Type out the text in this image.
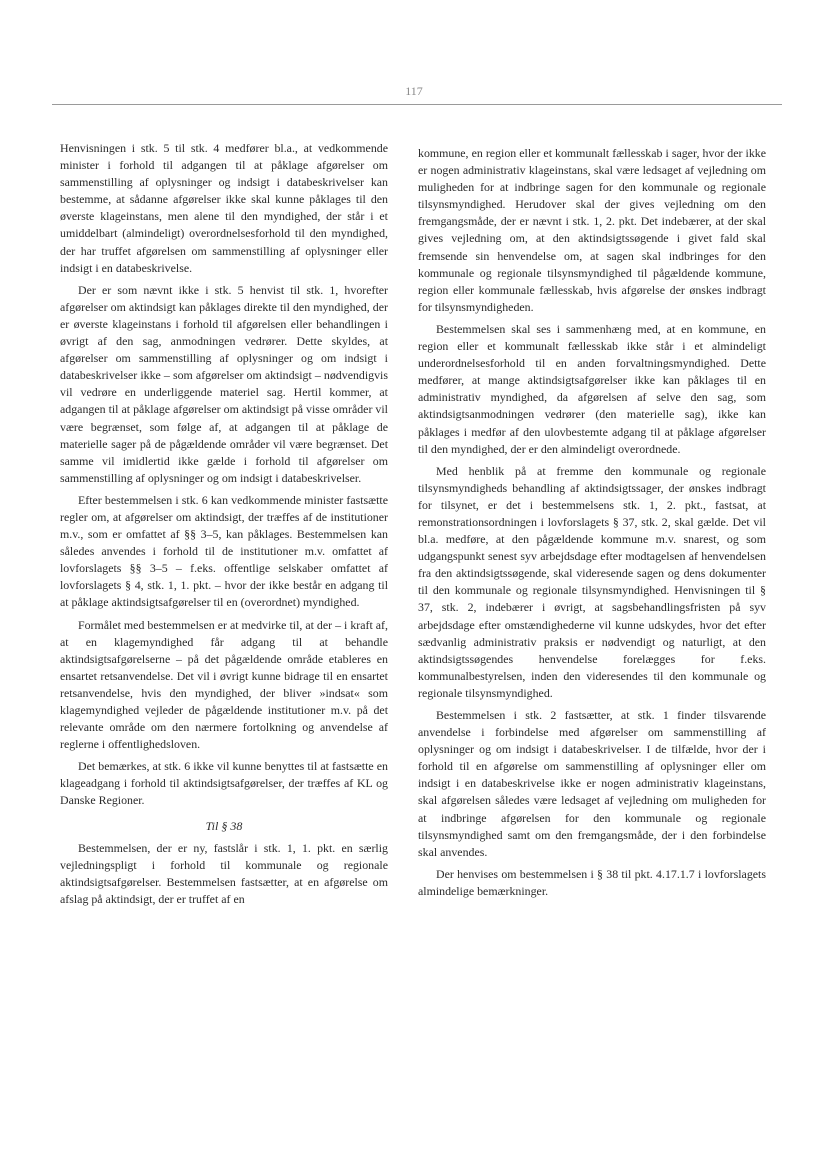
117

Henvisningen i stk. 5 til stk. 4 medfører bl.a., at vedkommende minister i forhold til adgangen til at påklage afgørelser om sammenstilling af oplysninger og indsigt i databeskrivelser kan bestemme, at sådanne afgørelser ikke skal kunne påklages til den øverste klageinstans, men alene til den myndighed, der står i et umiddelbart (almindeligt) overordnelsesforhold til den myndighed, der har truffet afgørelsen om sammenstilling af oplysninger eller indsigt i en databeskrivelse.

Der er som nævnt ikke i stk. 5 henvist til stk. 1, hvorefter afgørelser om aktindsigt kan påklages direkte til den myndighed, der er øverste klageinstans i forhold til afgørelsen eller behandlingen i øvrigt af den sag, anmodningen vedrører. Dette skyldes, at afgørelser om sammenstilling af oplysninger og om indsigt i databeskrivelser ikke – som afgørelser om aktindsigt – nødvendigvis vil vedrøre en underliggende materiel sag. Hertil kommer, at adgangen til at påklage afgørelser om aktindsigt på visse områder vil være begrænset, som følge af, at adgangen til at påklage de materielle sager på de pågældende områder vil være begrænset. Det samme vil imidlertid ikke gælde i forhold til afgørelser om sammenstilling af oplysninger og om indsigt i databeskrivelser.

Efter bestemmelsen i stk. 6 kan vedkommende minister fastsætte regler om, at afgørelser om aktindsigt, der træffes af de institutioner m.v., som er omfattet af §§ 3–5, kan påklages. Bestemmelsen kan således anvendes i forhold til de institutioner m.v. omfattet af lovforslagets §§ 3–5 – f.eks. offentlige selskaber omfattet af lovforslagets § 4, stk. 1, 1. pkt. – hvor der ikke består en adgang til at påklage aktindsigtsafgørelser til en (overordnet) myndighed.

Formålet med bestemmelsen er at medvirke til, at der – i kraft af, at en klagemyndighed får adgang til at behandle aktindsigtsafgørelserne – på det pågældende område etableres en ensartet retsanvendelse. Det vil i øvrigt kunne bidrage til en ensartet retsanvendelse, hvis den myndighed, der bliver »indsat« som klagemyndighed vejleder de pågældende institutioner m.v. på det relevante område om den nærmere fortolkning og anvendelse af reglerne i offentlighedsloven.

Det bemærkes, at stk. 6 ikke vil kunne benyttes til at fastsætte en klageadgang i forhold til aktindsigtsafgørelser, der træffes af KL og Danske Regioner.

Til § 38

Bestemmelsen, der er ny, fastslår i stk. 1, 1. pkt. en særlig vejledningspligt i forhold til kommunale og regionale aktindsigtsafgørelser. Bestemmelsen fastsætter, at en afgørelse om afslag på aktindsigt, der er truffet af en

kommune, en region eller et kommunalt fællesskab i sager, hvor der ikke er nogen administrativ klageinstans, skal være ledsaget af vejledning om muligheden for at indbringe sagen for den kommunale og regionale tilsynsmyndighed. Herudover skal der gives vejledning om den fremgangsmåde, der er nævnt i stk. 1, 2. pkt. Det indebærer, at der skal gives vejledning om, at den aktindsigtssøgende i givet fald skal fremsende sin henvendelse om, at sagen skal indbringes for den kommunale og regionale tilsynsmyndighed til pågældende kommune, region eller kommunale fællesskab, hvis afgørelse der ønskes indbragt for tilsynsmyndigheden.

Bestemmelsen skal ses i sammenhæng med, at en kommune, en region eller et kommunalt fællesskab ikke står i et almindeligt underordnelsesforhold til en anden forvaltningsmyndighed. Dette medfører, at mange aktindsigtsafgørelser ikke kan påklages til en administrativ myndighed, da afgørelsen af selve den sag, som aktindsigtsanmodningen vedrører (den materielle sag), ikke kan påklages i medfør af den ulovbestemte adgang til at påklage afgørelser til den myndighed, der er den almindeligt overordnede.

Med henblik på at fremme den kommunale og regionale tilsynsmyndigheds behandling af aktindsigtssager, der ønskes indbragt for tilsynet, er det i bestemmelsens stk. 1, 2. pkt., fastsat, at remonstrationsordningen i lovforslagets § 37, stk. 2, skal gælde. Det vil bl.a. medføre, at den pågældende kommune m.v. snarest, og som udgangspunkt senest syv arbejdsdage efter modtagelsen af henvendelsen fra den aktindsigtssøgende, skal videresende sagen og dens dokumenter til den kommunale og regionale tilsynsmyndighed. Henvisningen til § 37, stk. 2, indebærer i øvrigt, at sagsbehandlingsfristen på syv arbejdsdage efter omstændighederne vil kunne udskydes, hvor det efter sædvanlig administrativ praksis er nødvendigt og naturligt, at den aktindsigtssøgendes henvendelse forelægges for f.eks. kommunalbestyrelsen, inden den videresendes til den kommunale og regionale tilsynsmyndighed.

Bestemmelsen i stk. 2 fastsætter, at stk. 1 finder tilsvarende anvendelse i forbindelse med afgørelser om sammenstilling af oplysninger og om indsigt i databeskrivelser. I de tilfælde, hvor der i forhold til en afgørelse om sammenstilling af oplysninger eller om indsigt i en databeskrivelse ikke er nogen administrativ klageinstans, skal afgørelsen således være ledsaget af vejledning om muligheden for at indbringe afgørelsen for den kommunale og regionale tilsynsmyndighed samt om den fremgangsmåde, der i den forbindelse skal anvendes.

Der henvises om bestemmelsen i § 38 til pkt. 4.17.1.7 i lovforslagets almindelige bemærkninger.
